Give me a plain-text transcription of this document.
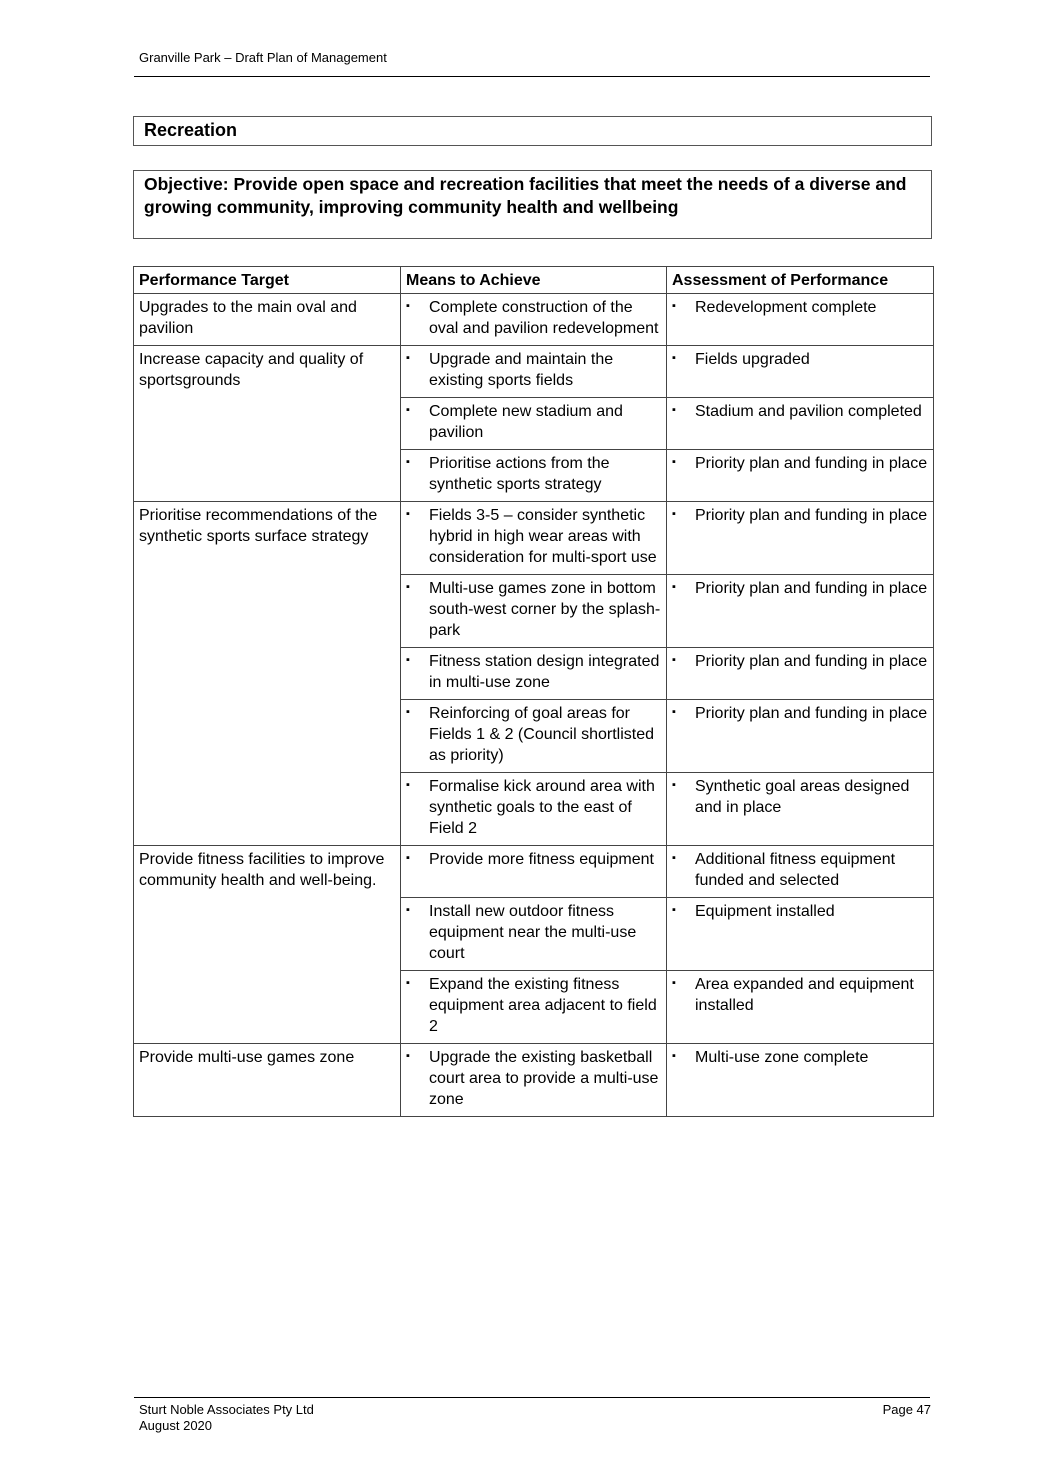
Granville Park – Draft Plan of Management
Recreation
Objective: Provide open space and recreation facilities that meet the needs of a diverse and growing community, improving community health and wellbeing
Performance Target	Means to Achieve	Assessment of Performance
Upgrades to the main oval and pavilion	▪ Complete construction of the oval and pavilion redevelopment	▪ Redevelopment complete

Increase capacity and quality of sportsgrounds	▪ Upgrade and maintain the existing sports fields	▪ Fields upgraded

	▪ Complete new stadium and pavilion	▪ Stadium and pavilion completed

	▪ Prioritise actions from the synthetic sports strategy	▪ Priority plan and funding in place

Prioritise recommendations of the synthetic sports surface strategy	▪ Fields 3-5 – consider synthetic hybrid in high wear areas with consideration for multi-sport use	▪ Priority plan and funding in place

	▪ Multi-use games zone in bottom south-west corner by the splash-park	▪ Priority plan and funding in place

	▪ Fitness station design integrated in multi-use zone	▪ Priority plan and funding in place

	▪ Reinforcing of goal areas for Fields 1 & 2 (Council shortlisted as priority)	▪ Priority plan and funding in place

	▪ Formalise kick around area with synthetic goals to the east of Field 2	▪ Synthetic goal areas designed and in place

Provide fitness facilities to improve community health and well-being.	▪ Provide more fitness equipment	▪ Additional fitness equipment funded and selected

	▪ Install new outdoor fitness equipment near the multi-use court	▪ Equipment installed

	▪ Expand the existing fitness equipment area adjacent to field 2	▪ Area expanded and equipment installed

Provide multi-use games zone	▪ Upgrade the existing basketball court area to provide a multi-use zone	▪ Multi-use zone complete
Sturt Noble Associates Pty Ltd
August 2020
Page 47
